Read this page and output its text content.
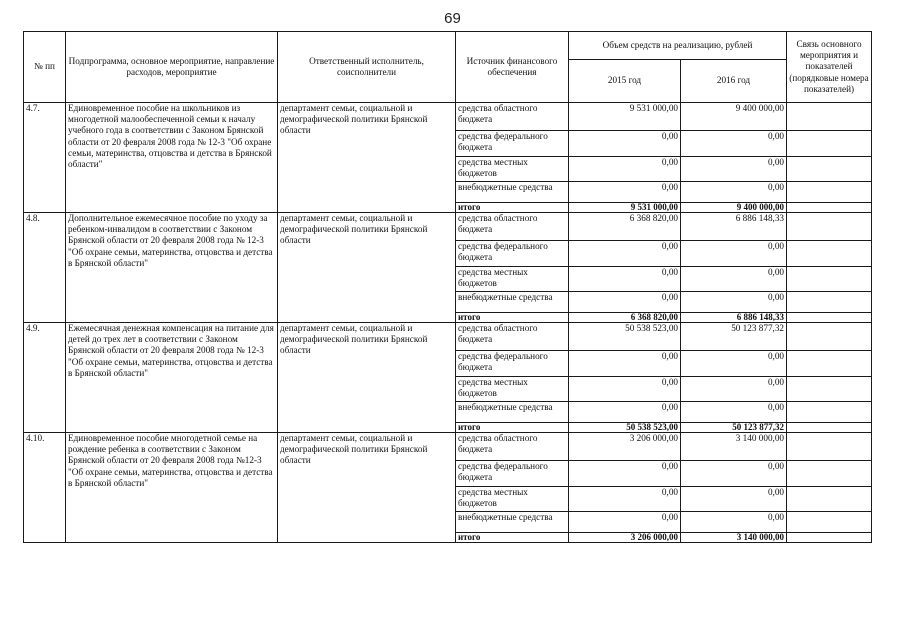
69
№ пп	Подпрограмма, основное мероприятие, направление расходов, мероприятие	Ответственный исполнитель, соисполнители	Источник финансового обеспечения	Объем средств на реализацию, рублей		Связь основного мероприятия и показателей (порядковые номера показателей)
				2015 год	2016 год	
4.7.	Единовременное пособие на школьников из многодетной малообеспеченной семьи к началу учебного года в соответствии с Законом Брянской области от 20 февраля 2008 года № 12-3 "Об охране семьи, материнства, отцовства и детства в Брянской области"	департамент семьи, социальной и демографической политики Брянской области	средства областного бюджета	9 531 000,00	9 400 000,00	
			средства федерального бюджета	0,00	0,00	
			средства местных бюджетов	0,00	0,00	
			внебюджетные средства	0,00	0,00	
			итого	9 531 000,00	9 400 000,00	
4.8.	Дополнительное ежемесячное пособие по уходу за ребенком-инвалидом в соответствии с Законом Брянской области от 20 февраля 2008 года № 12-3 "Об охране семьи, материнства, отцовства и детства в Брянской области"	департамент семьи, социальной и демографической политики Брянской области	средства областного бюджета	6 368 820,00	6 886 148,33	
			средства федерального бюджета	0,00	0,00	
			средства местных бюджетов	0,00	0,00	
			внебюджетные средства	0,00	0,00	
			итого	6 368 820,00	6 886 148,33	
4.9.	Ежемесячная денежная компенсация на питание для детей до трех лет в соответствии с Законом Брянской области от 20 февраля 2008 года № 12-3 "Об охране семьи, материнства, отцовства и детства в Брянской области"	департамент семьи, социальной и демографической политики Брянской области	средства областного бюджета	50 538 523,00	50 123 877,32	
			средства федерального бюджета	0,00	0,00	
			средства местных бюджетов	0,00	0,00	
			внебюджетные средства	0,00	0,00	
			итого	50 538 523,00	50 123 877,32	
4.10.	Единовременное пособие многодетной семье на рождение ребенка в соответствии с Законом Брянской области от 20 февраля 2008 года №12-3 "Об охране семьи, материнства, отцовства и детства в Брянской области"	департамент семьи, социальной и демографической политики Брянской области	средства областного бюджета	3 206 000,00	3 140 000,00	
			средства федерального бюджета	0,00	0,00	
			средства местных бюджетов	0,00	0,00	
			внебюджетные средства	0,00	0,00	
			итого	3 206 000,00	3 140 000,00	
